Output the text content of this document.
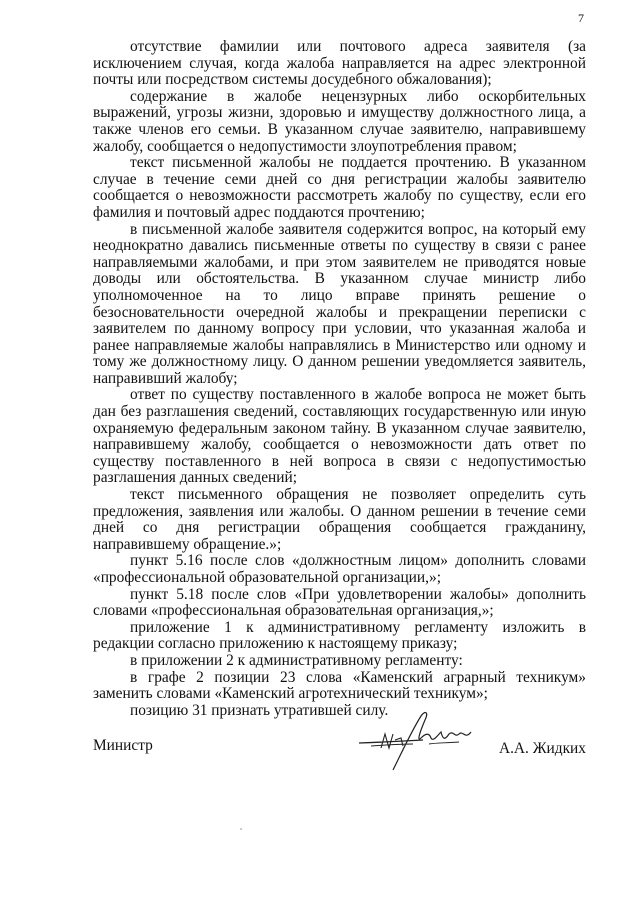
7

отсутствие фамилии или почтового адреса заявителя (за исключением случая, когда жалоба направляется на адрес электронной почты или посредством системы досудебного обжалования);

содержание в жалобе нецензурных либо оскорбительных выражений, угрозы жизни, здоровью и имуществу должностного лица, а также членов его семьи. В указанном случае заявителю, направившему жалобу, сообщается о недопустимости злоупотребления правом;

текст письменной жалобы не поддается прочтению. В указанном случае в течение семи дней со дня регистрации жалобы заявителю сообщается о невозможности рассмотреть жалобу по существу, если его фамилия и почтовый адрес поддаются прочтению;

в письменной жалобе заявителя содержится вопрос, на который ему неоднократно давались письменные ответы по существу в связи с ранее направляемыми жалобами, и при этом заявителем не приводятся новые доводы или обстоятельства. В указанном случае министр либо уполномоченное на то лицо вправе принять решение о безосновательности очередной жалобы и прекращении переписки с заявителем по данному вопросу при условии, что указанная жалоба и ранее направляемые жалобы направлялись в Министерство или одному и тому же должностному лицу. О данном решении уведомляется заявитель, направивший жалобу;

ответ по существу поставленного в жалобе вопроса не может быть дан без разглашения сведений, составляющих государственную или иную охраняемую федеральным законом тайну. В указанном случае заявителю, направившему жалобу, сообщается о невозможности дать ответ по существу поставленного в ней вопроса в связи с недопустимостью разглашения данных сведений;

текст письменного обращения не позволяет определить суть предложения, заявления или жалобы. О данном решении в течение семи дней со дня регистрации обращения сообщается гражданину, направившему обращение.»;

пункт 5.16 после слов «должностным лицом» дополнить словами «профессиональной образовательной организации,»;

пункт 5.18 после слов «При удовлетворении жалобы» дополнить словами «профессиональная образовательная организация,»;

приложение 1 к административному регламенту изложить в редакции согласно приложению к настоящему приказу;

в приложении 2 к административному регламенту:

в графе 2 позиции 23 слова «Каменский аграрный техникум» заменить словами «Каменский агротехнический техникум»;

позицию 31 признать утратившей силу.

Министр	А.А. Жидких
